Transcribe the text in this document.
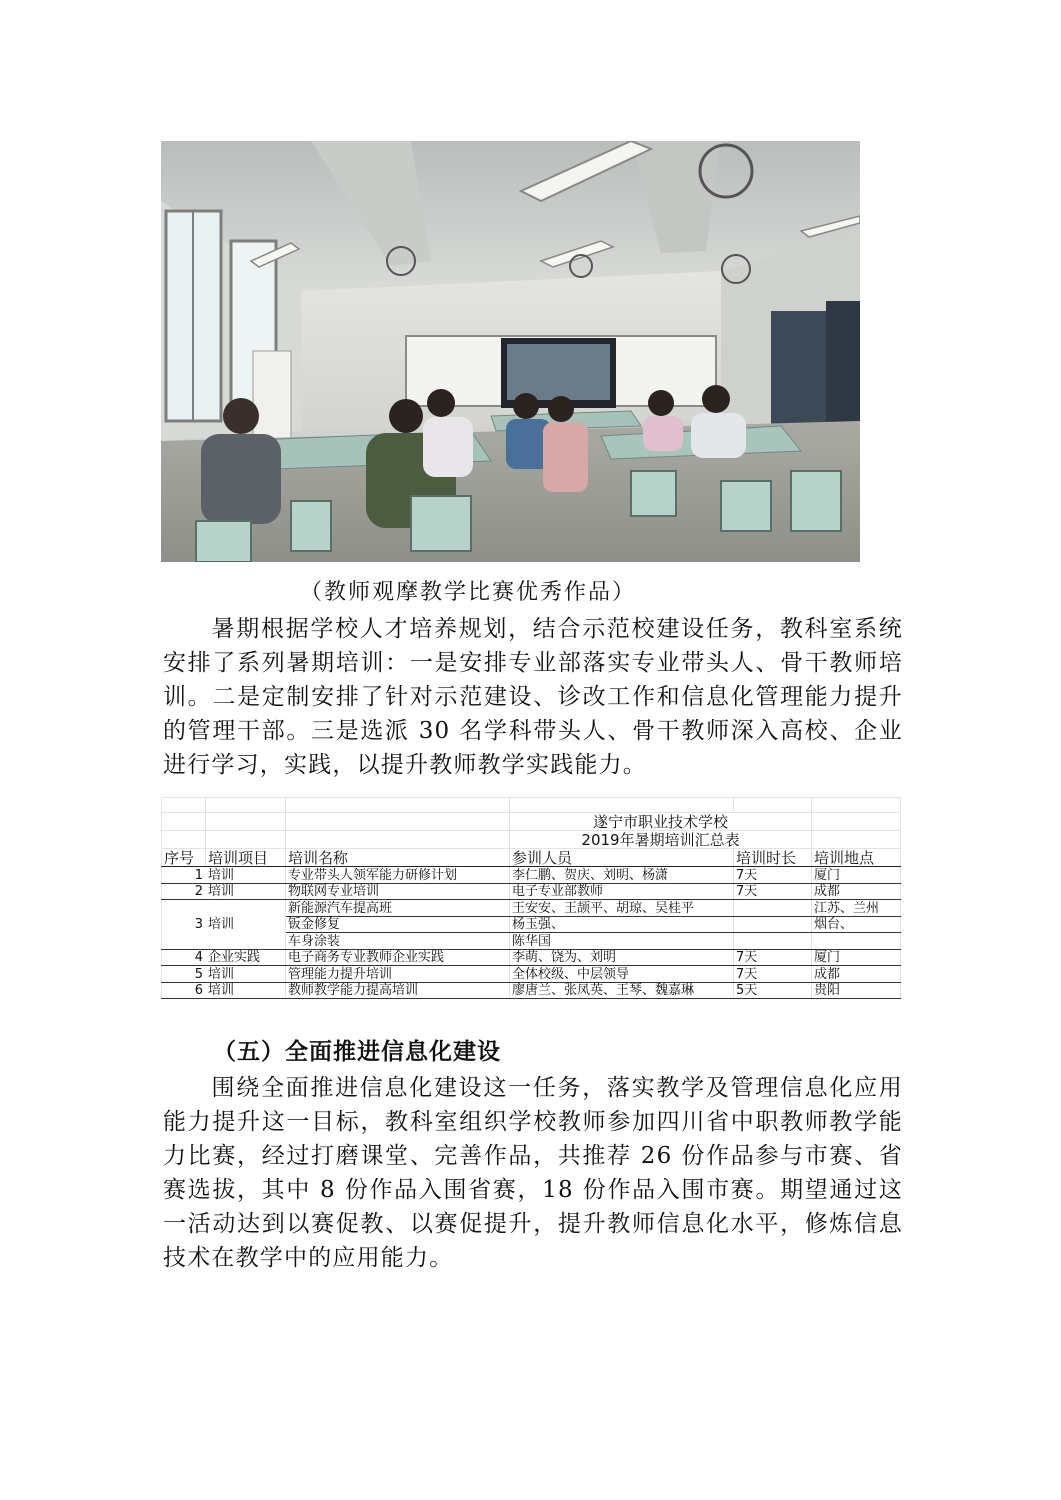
（教师观摩教学比赛优秀作品）

暑期根据学校人才培养规划，结合示范校建设任务，教科室系统安排了系列暑期培训：一是安排专业部落实专业带头人、骨干教师培训。二是定制安排了针对示范建设、诊改工作和信息化管理能力提升的管理干部。三是选派 30 名学科带头人、骨干教师深入高校、企业进行学习，实践，以提升教师教学实践能力。

			遂宁市职业技术学校		
			2019年暑期培训汇总表		
序号	培训项目	培训名称	参训人员	培训时长	培训地点
1	培训	专业带头人领军能力研修计划	李仁鹏、贺庆、刘明、杨潇	7天	厦门
2	培训	物联网专业培训	电子专业部教师	7天	成都
3	培训	新能源汽车提高班	王安安、王颉平、胡琼、吴桂平		江苏、兰州
		钣金修复	杨玉强、		烟台、
		车身涂装	陈华国		
4	企业实践	电子商务专业教师企业实践	李萌、饶为、刘明	7天	厦门
5	培训	管理能力提升培训	全体校级、中层领导	7天	成都
6	培训	教师教学能力提高培训	廖唐兰、张凤英、王琴、魏嘉琳	5天	贵阳
（五）全面推进信息化建设

围绕全面推进信息化建设这一任务，落实教学及管理信息化应用能力提升这一目标，教科室组织学校教师参加四川省中职教师教学能力比赛，经过打磨课堂、完善作品，共推荐 26 份作品参与市赛、省赛选拔，其中 8 份作品入围省赛，18 份作品入围市赛。期望通过这一活动达到以赛促教、以赛促提升，提升教师信息化水平，修炼信息技术在教学中的应用能力。
